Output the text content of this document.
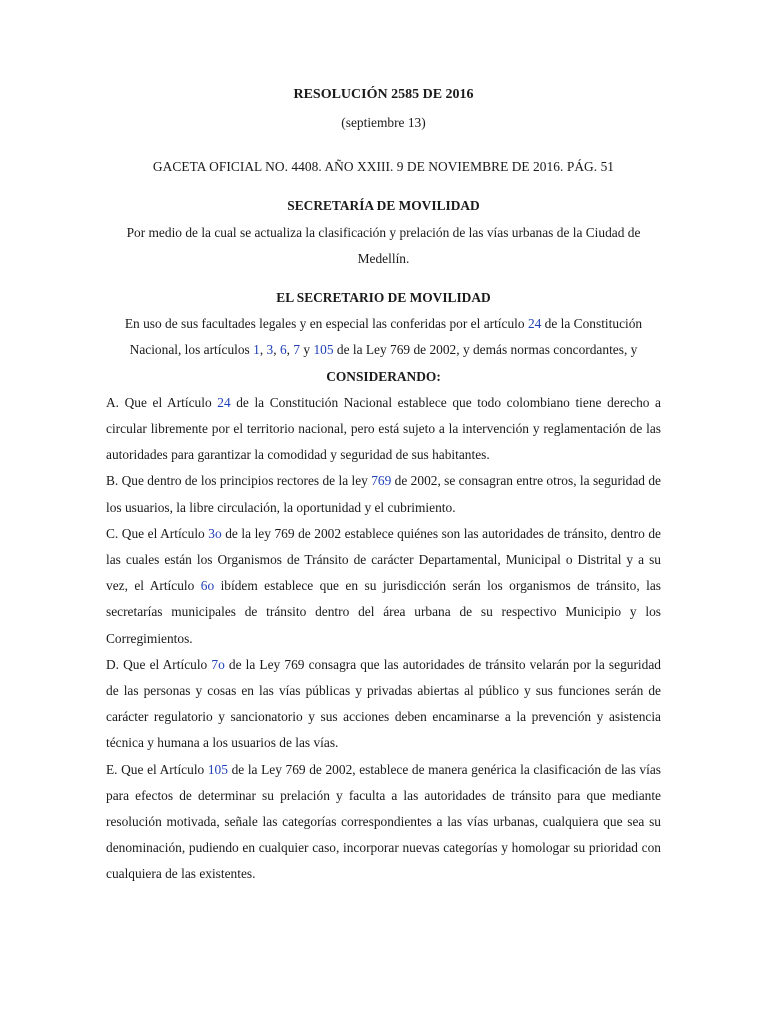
RESOLUCIÓN 2585 DE 2016

(septiembre 13)

GACETA OFICIAL NO. 4408. AÑO XXIII. 9 DE NOVIEMBRE DE 2016. PÁG. 51

SECRETARÍA DE MOVILIDAD

Por medio de la cual se actualiza la clasificación y prelación de las vías urbanas de la Ciudad de Medellín.

EL SECRETARIO DE MOVILIDAD

En uso de sus facultades legales y en especial las conferidas por el artículo 24 de la Constitución Nacional, los artículos 1, 3, 6, 7 y 105 de la Ley 769 de 2002, y demás normas concordantes, y

CONSIDERANDO:

A. Que el Artículo 24 de la Constitución Nacional establece que todo colombiano tiene derecho a circular libremente por el territorio nacional, pero está sujeto a la intervención y reglamentación de las autoridades para garantizar la comodidad y seguridad de sus habitantes.

B. Que dentro de los principios rectores de la ley 769 de 2002, se consagran entre otros, la seguridad de los usuarios, la libre circulación, la oportunidad y el cubrimiento.

C. Que el Artículo 3o de la ley 769 de 2002 establece quiénes son las autoridades de tránsito, dentro de las cuales están los Organismos de Tránsito de carácter Departamental, Municipal o Distrital y a su vez, el Artículo 6o ibídem establece que en su jurisdicción serán los organismos de tránsito, las secretarías municipales de tránsito dentro del área urbana de su respectivo Municipio y los Corregimientos.

D. Que el Artículo 7o de la Ley 769 consagra que las autoridades de tránsito velarán por la seguridad de las personas y cosas en las vías públicas y privadas abiertas al público y sus funciones serán de carácter regulatorio y sancionatorio y sus acciones deben encaminarse a la prevención y asistencia técnica y humana a los usuarios de las vías.

E. Que el Artículo 105 de la Ley 769 de 2002, establece de manera genérica la clasificación de las vías para efectos de determinar su prelación y faculta a las autoridades de tránsito para que mediante resolución motivada, señale las categorías correspondientes a las vías urbanas, cualquiera que sea su denominación, pudiendo en cualquier caso, incorporar nuevas categorías y homologar su prioridad con cualquiera de las existentes.
